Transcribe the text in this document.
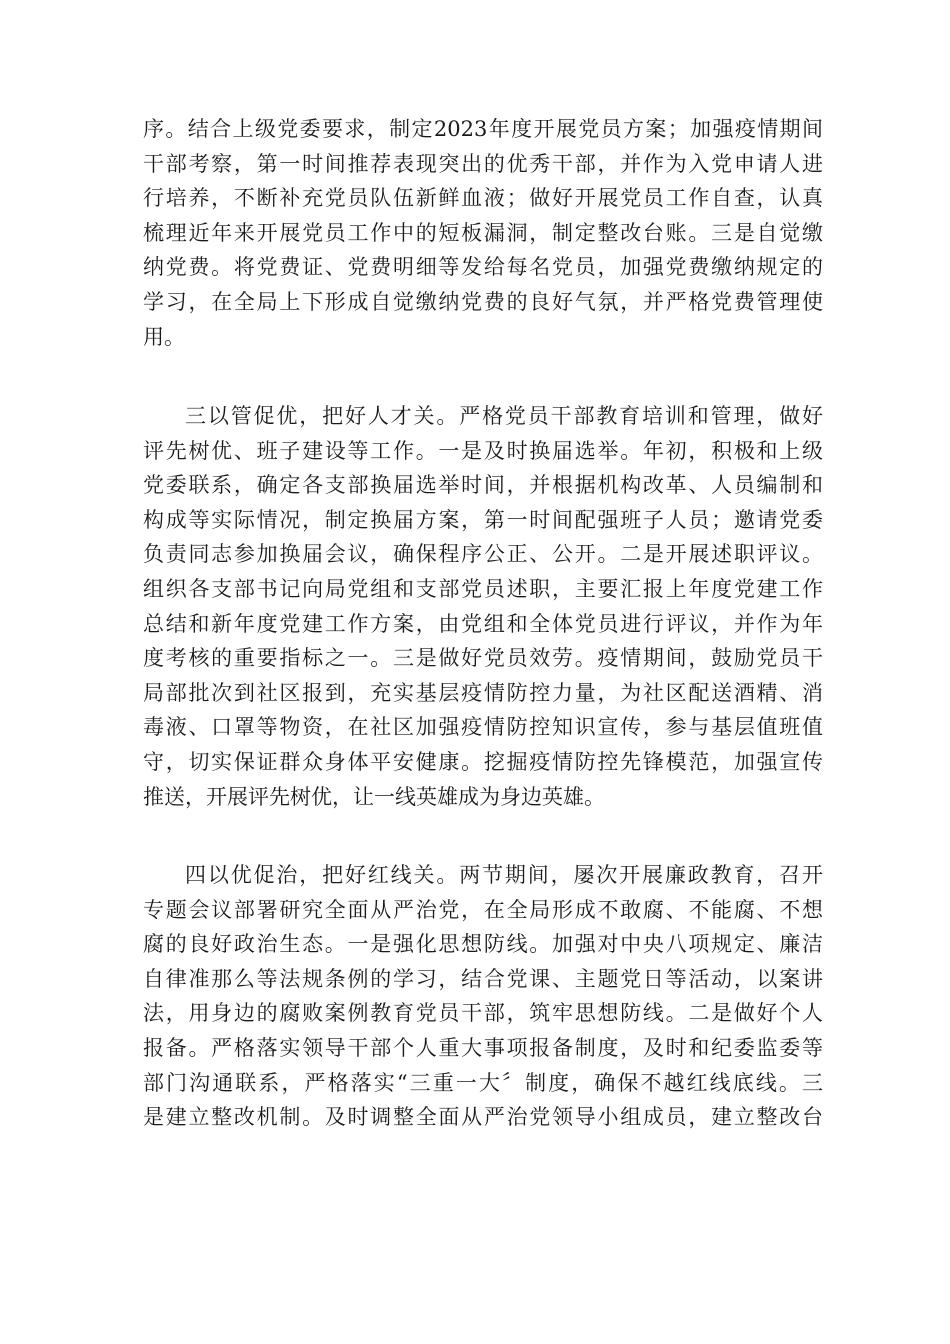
序。结合上级党委要求，制定2023年度开展党员方案；加强疫情期间
干部考察，第一时间推荐表现突出的优秀干部，并作为入党申请人进
行培养，不断补充党员队伍新鲜血液；做好开展党员工作自查，认真
梳理近年来开展党员工作中的短板漏洞，制定整改台账。三是自觉缴
纳党费。将党费证、党费明细等发给每名党员，加强党费缴纳规定的
学习，在全局上下形成自觉缴纳党费的良好气氛，并严格党费管理使
用。
三以管促优，把好人才关。严格党员干部教育培训和管理，做好
评先树优、班子建设等工作。一是及时换届选举。年初，积极和上级
党委联系，确定各支部换届选举时间，并根据机构改革、人员编制和
构成等实际情况，制定换届方案，第一时间配强班子人员；邀请党委
负责同志参加换届会议，确保程序公正、公开。二是开展述职评议。
组织各支部书记向局党组和支部党员述职，主要汇报上年度党建工作
总结和新年度党建工作方案，由党组和全体党员进行评议，并作为年
度考核的重要指标之一。三是做好党员效劳。疫情期间，鼓励党员干
局部批次到社区报到，充实基层疫情防控力量，为社区配送酒精、消
毒液、口罩等物资，在社区加强疫情防控知识宣传，参与基层值班值
守，切实保证群众身体平安健康。挖掘疫情防控先锋模范，加强宣传
推送，开展评先树优，让一线英雄成为身边英雄。
四以优促治，把好红线关。两节期间，屡次开展廉政教育，召开
专题会议部署研究全面从严治党，在全局形成不敢腐、不能腐、不想
腐的良好政治生态。一是强化思想防线。加强对中央八项规定、廉洁
自律准那么等法规条例的学习，结合党课、主题党日等活动，以案讲
法，用身边的腐败案例教育党员干部，筑牢思想防线。二是做好个人
报备。严格落实领导干部个人重大事项报备制度，及时和纪委监委等
部门沟通联系，严格落实“三重一大〞制度，确保不越红线底线。三
是建立整改机制。及时调整全面从严治党领导小组成员，建立整改台
